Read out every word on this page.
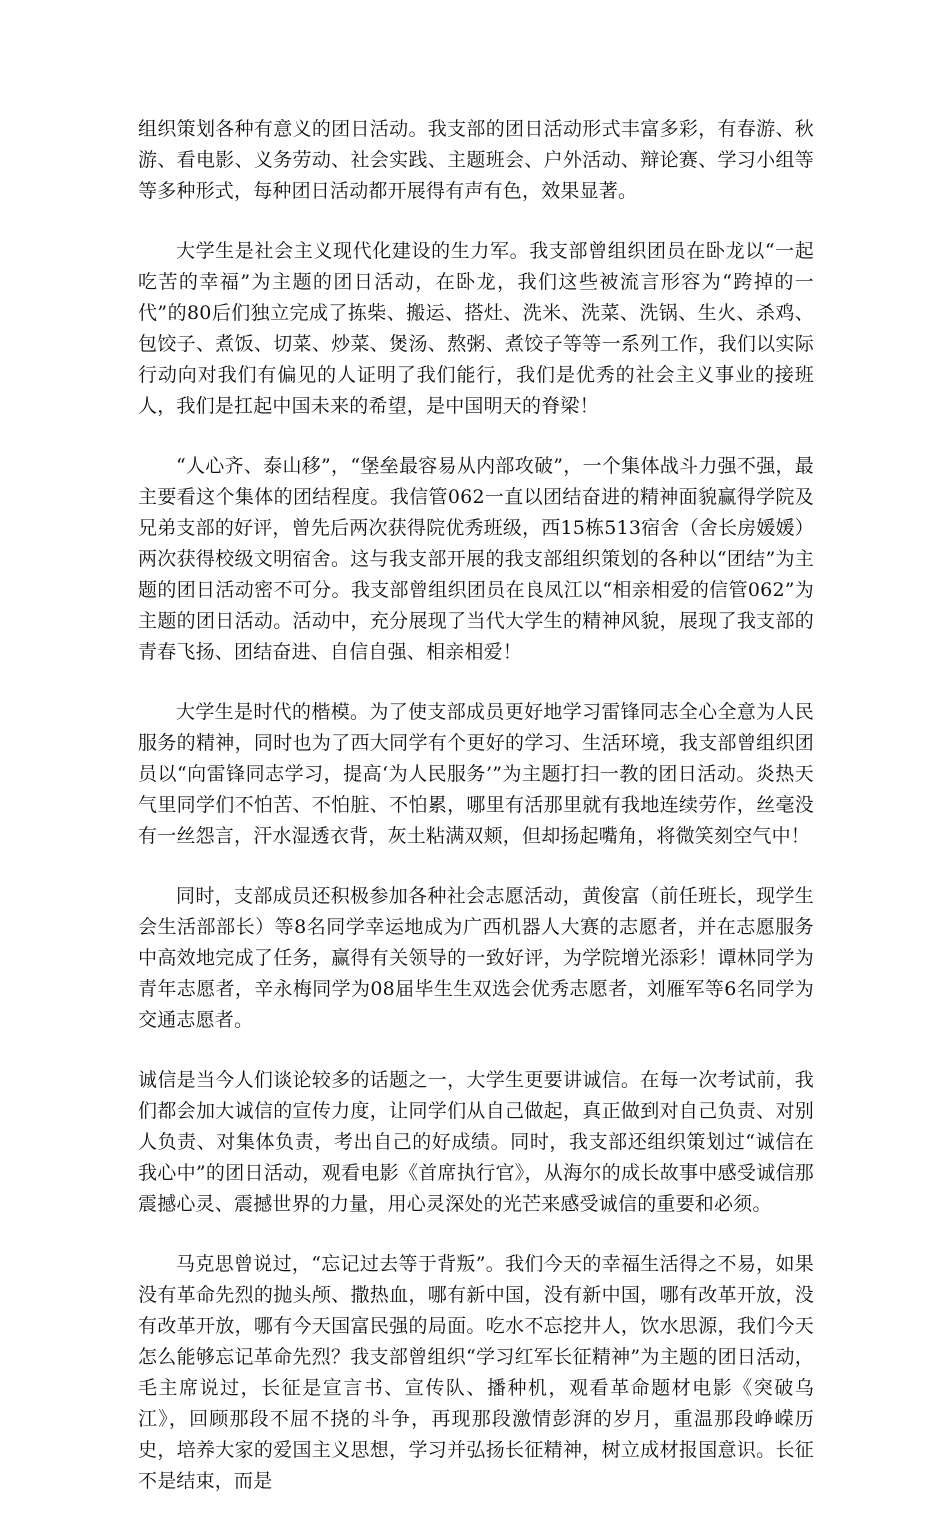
组织策划各种有意义的团日活动。我支部的团日活动形式丰富多彩，有春游、秋游、看电影、义务劳动、社会实践、主题班会、户外活动、辩论赛、学习小组等等多种形式，每种团日活动都开展得有声有色，效果显著。

大学生是社会主义现代化建设的生力军。我支部曾组织团员在卧龙以“一起吃苦的幸福”为主题的团日活动，在卧龙，我们这些被流言形容为“跨掉的一代”的80后们独立完成了拣柴、搬运、搭灶、洗米、洗菜、洗锅、生火、杀鸡、包饺子、煮饭、切菜、炒菜、煲汤、熬粥、煮饺子等等一系列工作，我们以实际行动向对我们有偏见的人证明了我们能行，我们是优秀的社会主义事业的接班人，我们是扛起中国未来的希望，是中国明天的脊梁！

“人心齐、泰山移”，“堡垒最容易从内部攻破”，一个集体战斗力强不强，最主要看这个集体的团结程度。我信管062一直以团结奋进的精神面貌赢得学院及兄弟支部的好评，曾先后两次获得院优秀班级，西15栋513宿舍（舍长房媛媛）两次获得校级文明宿舍。这与我支部开展的我支部组织策划的各种以“团结”为主题的团日活动密不可分。我支部曾组织团员在良凤江以“相亲相爱的信管062”为主题的团日活动。活动中，充分展现了当代大学生的精神风貌，展现了我支部的青春飞扬、团结奋进、自信自强、相亲相爱！

大学生是时代的楷模。为了使支部成员更好地学习雷锋同志全心全意为人民服务的精神，同时也为了西大同学有个更好的学习、生活环境，我支部曾组织团员以“向雷锋同志学习，提高‘为人民服务’”为主题打扫一教的团日活动。炎热天气里同学们不怕苦、不怕脏、不怕累，哪里有活那里就有我地连续劳作，丝毫没有一丝怨言，汗水湿透衣背，灰土粘满双颊，但却扬起嘴角，将微笑刻空气中！

同时，支部成员还积极参加各种社会志愿活动，黄俊富（前任班长，现学生会生活部部长）等8名同学幸运地成为广西机器人大赛的志愿者，并在志愿服务中高效地完成了任务，赢得有关领导的一致好评，为学院增光添彩！谭林同学为青年志愿者，辛永梅同学为08届毕生生双选会优秀志愿者，刘雁军等6名同学为交通志愿者。

诚信是当今人们谈论较多的话题之一，大学生更要讲诚信。在每一次考试前，我们都会加大诚信的宣传力度，让同学们从自己做起，真正做到对自己负责、对别人负责、对集体负责，考出自己的好成绩。同时，我支部还组织策划过“诚信在我心中”的团日活动，观看电影《首席执行官》，从海尔的成长故事中感受诚信那震撼心灵、震撼世界的力量，用心灵深处的光芒来感受诚信的重要和必须。

马克思曾说过，“忘记过去等于背叛”。我们今天的幸福生活得之不易，如果没有革命先烈的抛头颅、撒热血，哪有新中国，没有新中国，哪有改革开放，没有改革开放，哪有今天国富民强的局面。吃水不忘挖井人，饮水思源，我们今天怎么能够忘记革命先烈？我支部曾组织“学习红军长征精神”为主题的团日活动，毛主席说过，长征是宣言书、宣传队、播种机，观看革命题材电影《突破乌江》，回顾那段不屈不挠的斗争，再现那段激情彭湃的岁月，重温那段峥嵘历史，培养大家的爱国主义思想，学习并弘扬长征精神，树立成材报国意识。长征不是结束，而是
